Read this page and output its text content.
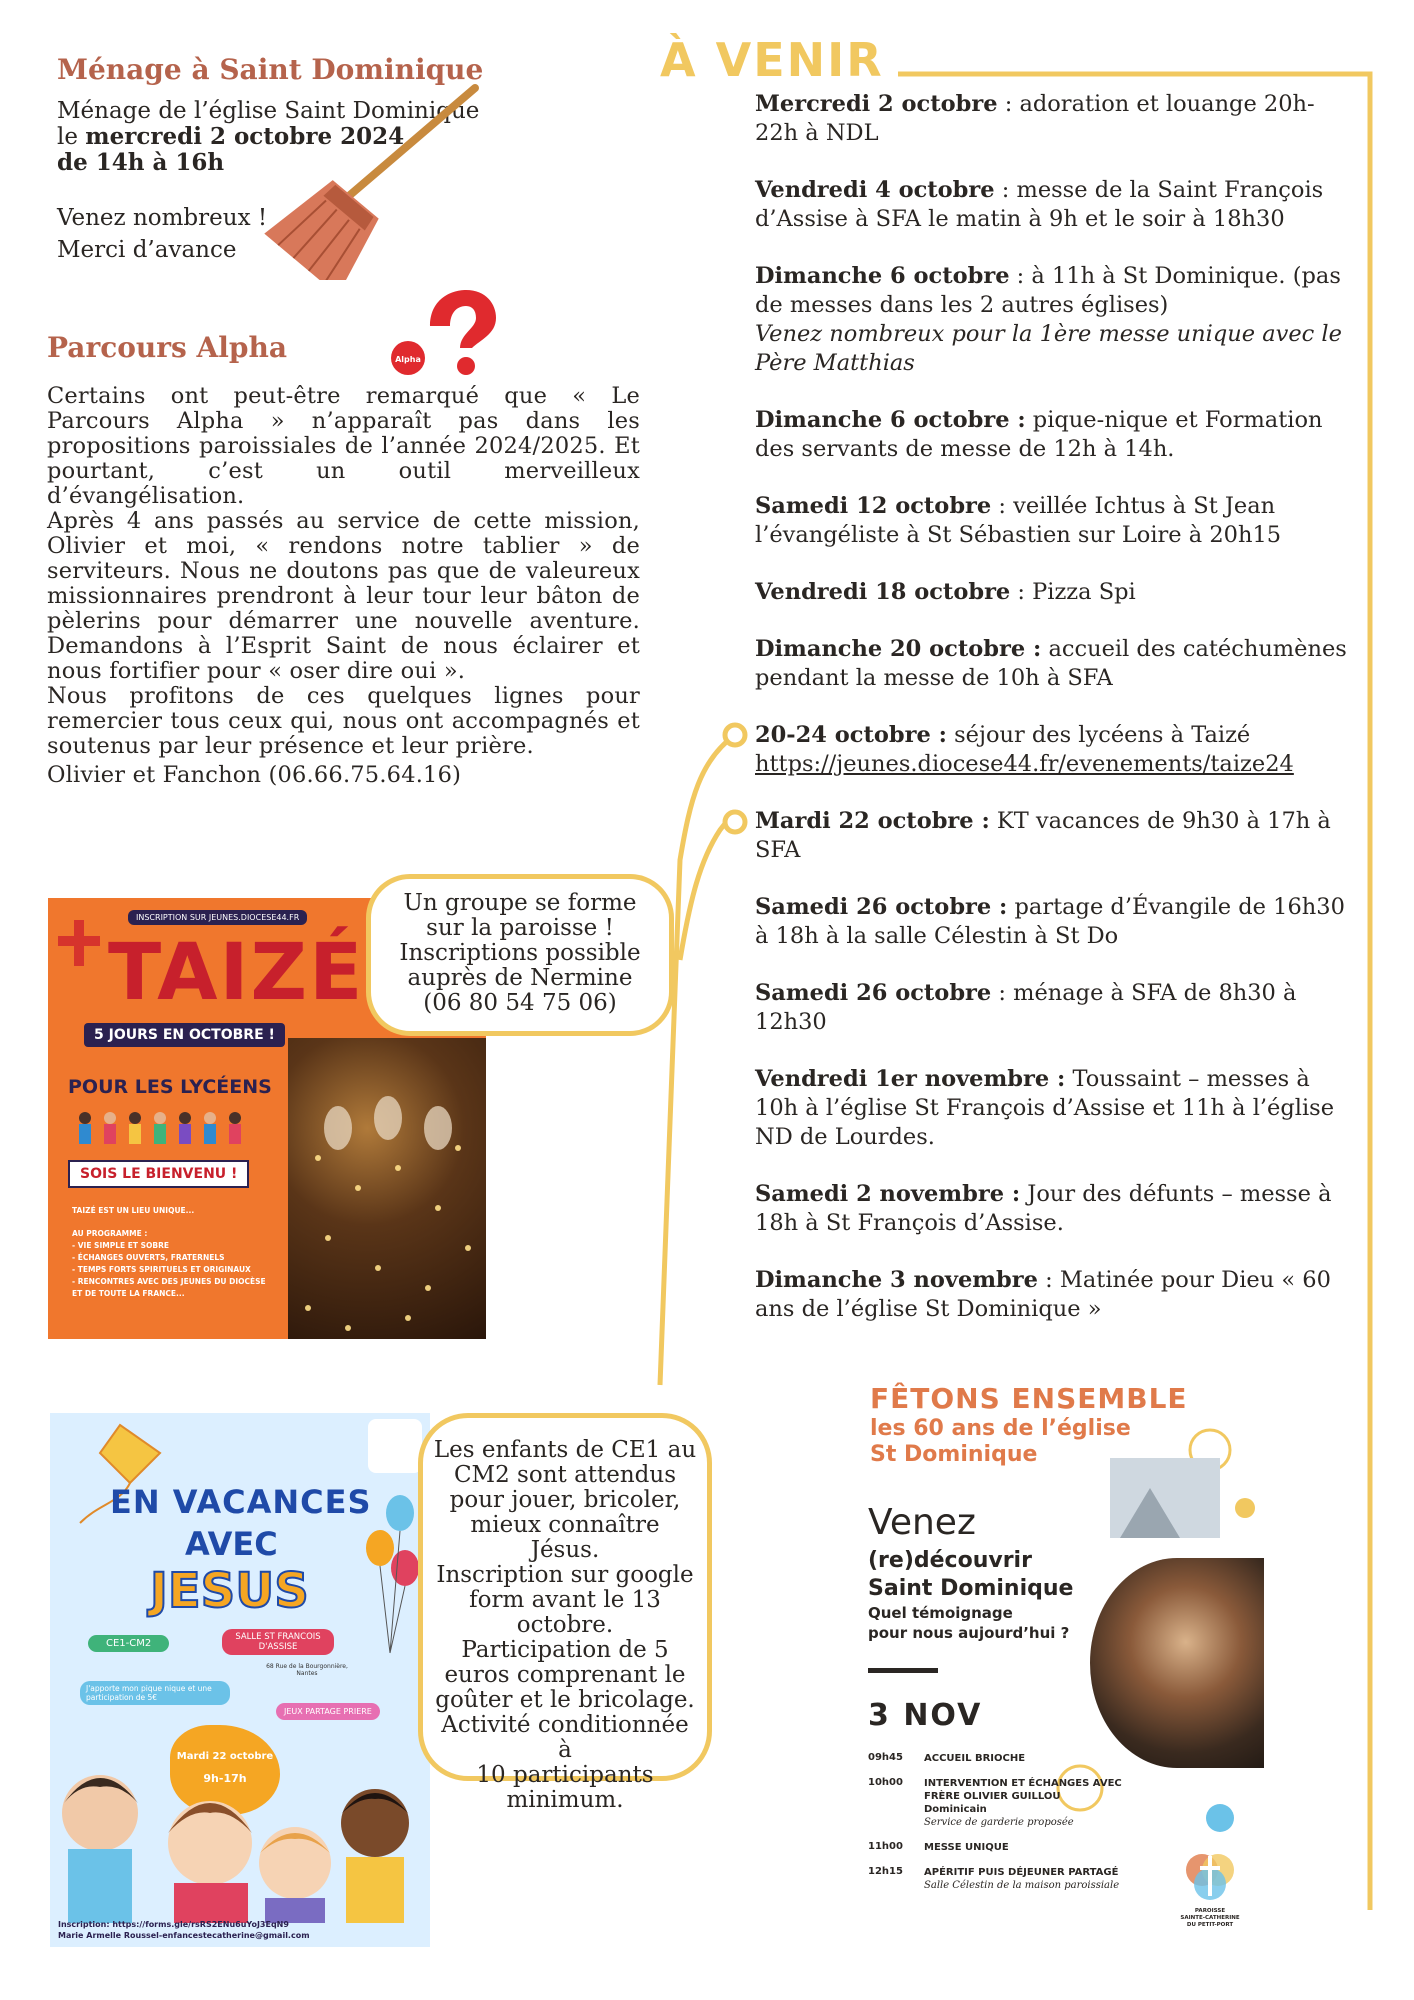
Ménage à Saint Dominique
Ménage de l’église Saint Dominique
le mercredi 2 octobre 2024
de 14h à 16h
Venez nombreux !
Merci d’avance
Parcours Alpha	Alpha
Certains ont peut-être remarqué que « Le Parcours Alpha » n’apparaît pas dans les propositions paroissiales de l’année 2024/2025. Et pourtant, c’est un outil merveilleux d’évangélisation.
Après 4 ans passés au service de cette mission, Olivier et moi, « rendons notre tablier » de serviteurs. Nous ne doutons pas que de valeureux missionnaires prendront à leur tour leur bâton de pèlerins pour démarrer une nouvelle aventure. Demandons à l’Esprit Saint de nous éclairer et nous fortifier pour « oser dire oui ».
Nous profitons de ces quelques lignes pour remercier tous ceux qui, nous ont accompagnés et soutenus par leur présence et leur prière.
Olivier et Fanchon (06.66.75.64.16)
À VENIR
Mercredi 2 octobre : adoration et louange 20h-22h à NDL
Vendredi 4 octobre : messe de la Saint François d’Assise à SFA le matin à 9h et le soir à 18h30
Dimanche 6 octobre : à 11h à St Dominique. (pas de messes dans les 2 autres églises)
Venez nombreux pour la 1ère messe unique avec le Père Matthias
Dimanche 6 octobre : pique-nique et Formation des servants de messe de 12h à 14h.
Samedi 12 octobre : veillée Ichtus à St Jean l’évangéliste à St Sébastien sur Loire à 20h15
Vendredi 18 octobre : Pizza Spi
Dimanche 20 octobre : accueil des catéchumènes pendant la messe de 10h à SFA
20-24 octobre : séjour des lycéens à Taizé
https://jeunes.diocese44.fr/evenements/taize24
Mardi 22 octobre : KT vacances de 9h30 à 17h à SFA
Samedi 26 octobre : partage d’Évangile de 16h30 à 18h à la salle Célestin à St Do
Samedi 26 octobre : ménage à SFA de 8h30 à 12h30
Vendredi 1er novembre : Toussaint – messes à 10h à l’église St François d’Assise et 11h à l’église ND de Lourdes.
Samedi 2 novembre : Jour des défunts – messe à 18h à St François d’Assise.
Dimanche 3 novembre : Matinée pour Dieu « 60 ans de l’église St Dominique »
INSCRIPTION SUR JEUNES.DIOCESE44.FR
TAIZÉ
5 JOURS EN OCTOBRE !
POUR LES LYCÉENS
SOIS LE BIENVENU !
TAIZÉ EST UN LIEU UNIQUE...
AU PROGRAMME :
- VIE SIMPLE ET SOBRE
- ÉCHANGES OUVERTS, FRATERNELS
- TEMPS FORTS SPIRITUELS ET ORIGINAUX
- RENCONTRES AVEC DES JEUNES DU DIOCÈSE
ET DE TOUTE LA FRANCE...
Un groupe se forme
sur la paroisse !
Inscriptions possible
auprès de Nermine
(06 80 54 75 06)
EN VACANCES
AVEC
JESUS
CE1-CM2
SALLE ST FRANCOIS D'ASSISE
68 Rue de la Bourgonnière, Nantes
J'apporte mon pique nique et une participation de 5€
JEUX PARTAGE PRIERE
Mardi 22 octobre
9h-17h
Inscription: https://forms.gle/rsRS2ENu6uYoJ3EqN9
Marie Armelle Roussel-enfancestecatherine@gmail.com
Les enfants de CE1 au
CM2 sont attendus
pour jouer, bricoler,
mieux connaître Jésus.
Inscription sur google
form avant le 13
octobre.
Participation de 5
euros comprenant le
goûter et le bricolage.
Activité conditionnée à
10 participants
minimum.
FÊTONS ENSEMBLE
les 60 ans de l’église
St Dominique
Venez
(re)découvrir
Saint Dominique
Quel témoignage
pour nous aujourd’hui ?
3 NOV
09h45	ACCUEIL BRIOCHE
10h00	INTERVENTION ET ÉCHANGES AVEC FRÈRE OLIVIER GUILLOU
Dominicain
Service de garderie proposée
11h00	MESSE UNIQUE
12h15	APÉRITIF PUIS DÉJEUNER PARTAGÉ
Salle Célestin de la maison paroissiale
PAROISSE
SAINTE-CATHERINE
DU PETIT-PORT
